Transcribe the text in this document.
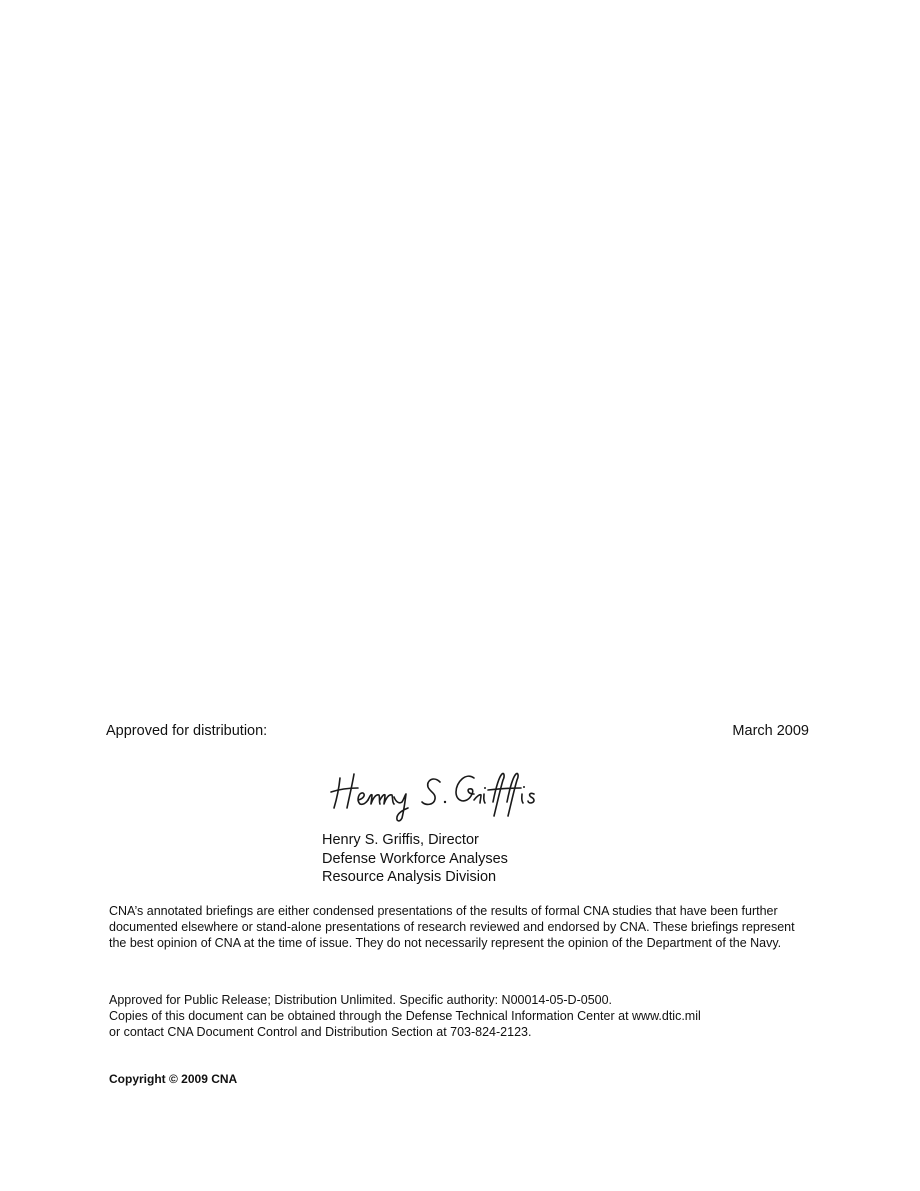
Approved for distribution:	March 2009
Henry S. Griffis, Director
Defense Workforce Analyses
Resource Analysis Division

CNA’s annotated briefings are either condensed presentations of the results of formal CNA studies that have been further documented elsewhere or stand-alone presentations of research reviewed and endorsed by CNA. These briefings represent the best opinion of CNA at the time of issue. They do not necessarily represent the opinion of the Department of the Navy.

Approved for Public Release; Distribution Unlimited. Specific authority: N00014-05-D-0500.
Copies of this document can be obtained through the Defense Technical Information Center at www.dtic.mil
or contact CNA Document Control and Distribution Section at 703-824-2123.
Copyright © 2009 CNA
